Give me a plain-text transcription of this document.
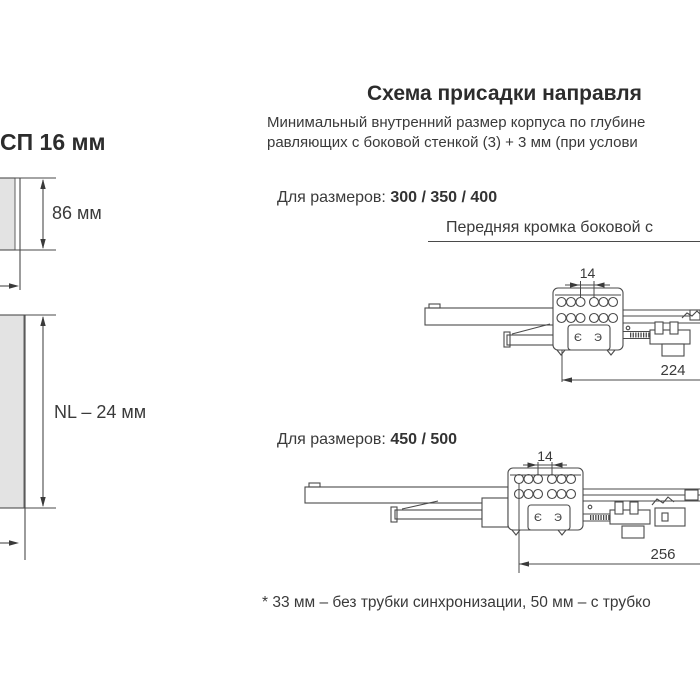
Схема присадки направля
Минимальный внутренний размер корпуса по глубине
равляющих с боковой стенкой (3) + 3 мм (при услови
СП 16 мм
86 мм
NL – 24 мм
Для размеров: 300 / 350 / 400
Передняя кромка боковой с
Є Э
14
224
Для размеров: 450 / 500
Є Э
14
256
* 33 мм – без трубки синхронизации, 50 мм – с трубко
